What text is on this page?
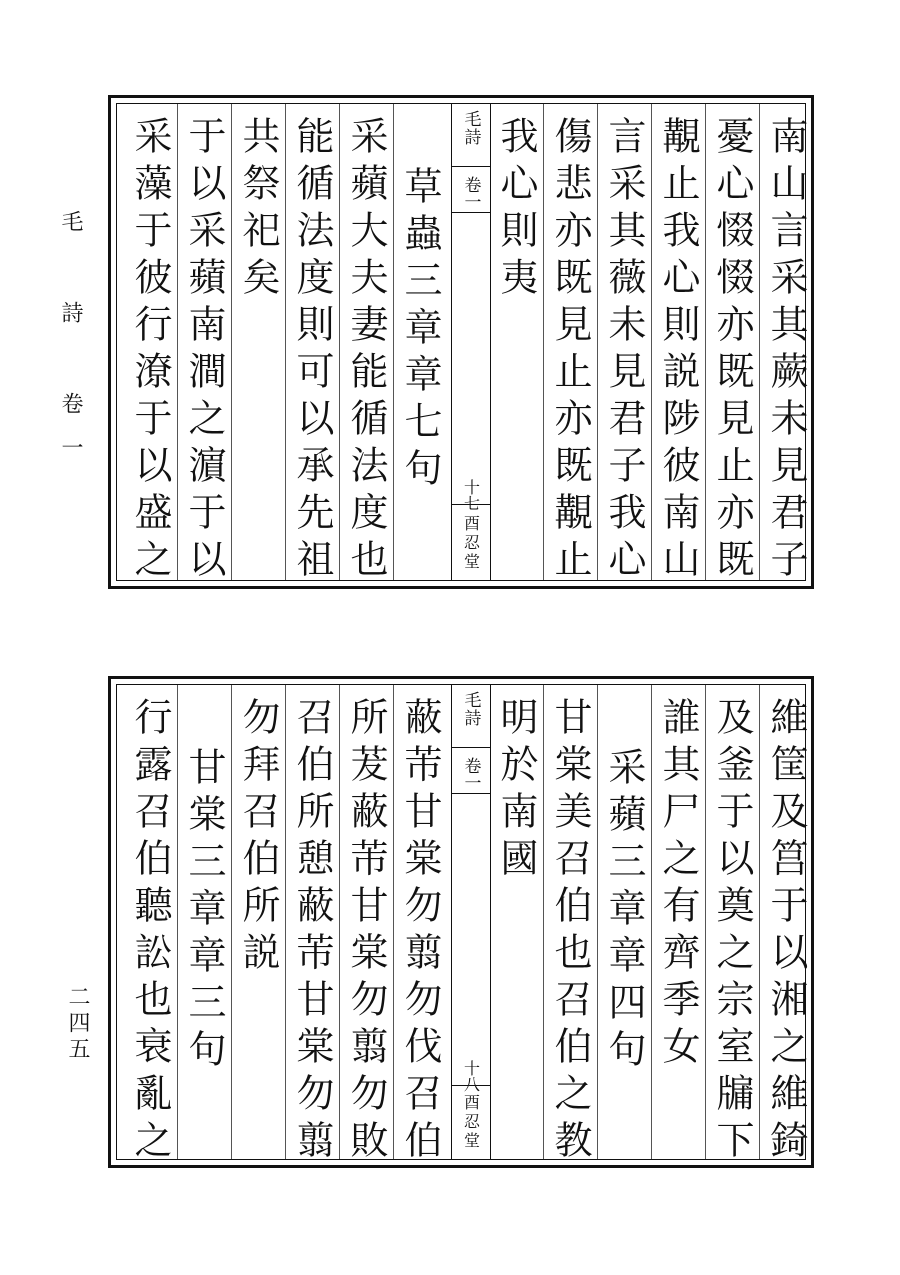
毛 詩 卷一
二四五
南山言采其蕨未見君子
憂心惙惙亦既見止亦既
覯止我心則説陟彼南山
言采其薇未見君子我心
傷悲亦既見止亦既覯止
我心則夷
毛詩
卷一
十七
酉忍堂
草蟲三章章七句
采蘋大夫妻能循法度也
能循法度則可以承先祖
共祭祀矣
于以采蘋南澗之濵于以
采藻于彼行潦于以盛之
維筐及筥于以湘之維錡
及釜于以奠之宗室牖下
誰其尸之有齊季女
采蘋三章章四句
甘棠美召伯也召伯之教
明於南國
毛詩
卷一
十八
酉忍堂
蔽芾甘棠勿翦勿伐召伯
所茇蔽芾甘棠勿翦勿敗
召伯所憩蔽芾甘棠勿翦
勿拜召伯所説
甘棠三章章三句
行露召伯聽訟也衰亂之
